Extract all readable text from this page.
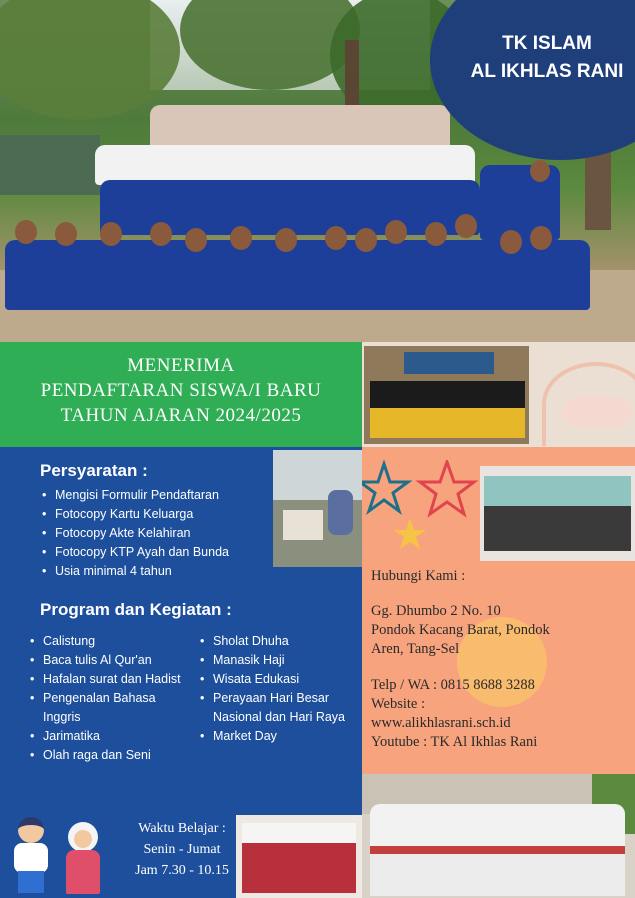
TK ISLAM
AL IKHLAS RANI
MENERIMA
PENDAFTARAN SISWA/I BARU
TAHUN AJARAN 2024/2025
Persyaratan :
• Mengisi Formulir Pendaftaran
• Fotocopy Kartu Keluarga
• Fotocopy Akte Kelahiran
• Fotocopy KTP Ayah dan Bunda
• Usia minimal 4 tahun
Program dan Kegiatan :
• Calistung
• Baca tulis Al Qur'an
• Hafalan surat dan Hadist
• Pengenalan Bahasa Inggris
• Jarimatika
• Olah raga dan Seni
• Sholat Dhuha
• Manasik Haji
• Wisata Edukasi
• Perayaan Hari Besar Nasional dan Hari Raya
• Market Day
Waktu Belajar :
Senin - Jumat
Jam 7.30 - 10.15
Hubungi Kami :
Gg. Dhumbo 2 No. 10
Pondok Kacang Barat, Pondok
Aren, Tang-Sel
Telp / WA : 0815 8688 3288
Website :
www.alikhlasrani.sch.id
Youtube : TK Al Ikhlas Rani
